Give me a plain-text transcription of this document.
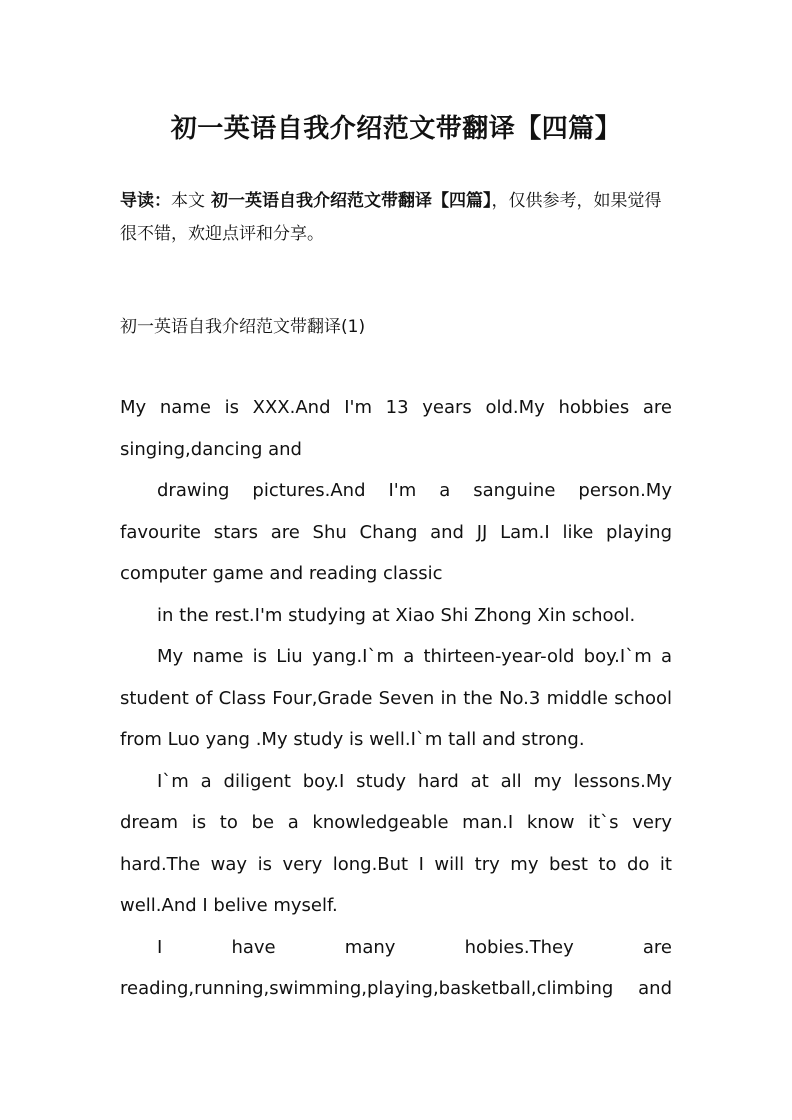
初一英语自我介绍范文带翻译【四篇】
导读：本文 初一英语自我介绍范文带翻译【四篇】，仅供参考，如果觉得很不错，欢迎点评和分享。
初一英语自我介绍范文带翻译(1)

My name is XXX.And I'm 13 years old.My hobbies are singing,dancing and

drawing pictures.And I'm a sanguine person.My favourite stars are Shu Chang and JJ Lam.I like playing computer game and reading classic

in the rest.I'm studying at Xiao Shi Zhong Xin school.

My name is Liu yang.I`m a thirteen-year-old boy.I`m a student of Class Four,Grade Seven in the No.3 middle school from Luo yang .My study is well.I`m tall and strong.

I`m a diligent boy.I study hard at all my lessons.My dream is to be a knowledgeable man.I know it`s very hard.The way is very long.But I will try my best to do it well.And I belive myself.

I have many hobies.They are reading,running,swimming,playing,basketball,climbing and
